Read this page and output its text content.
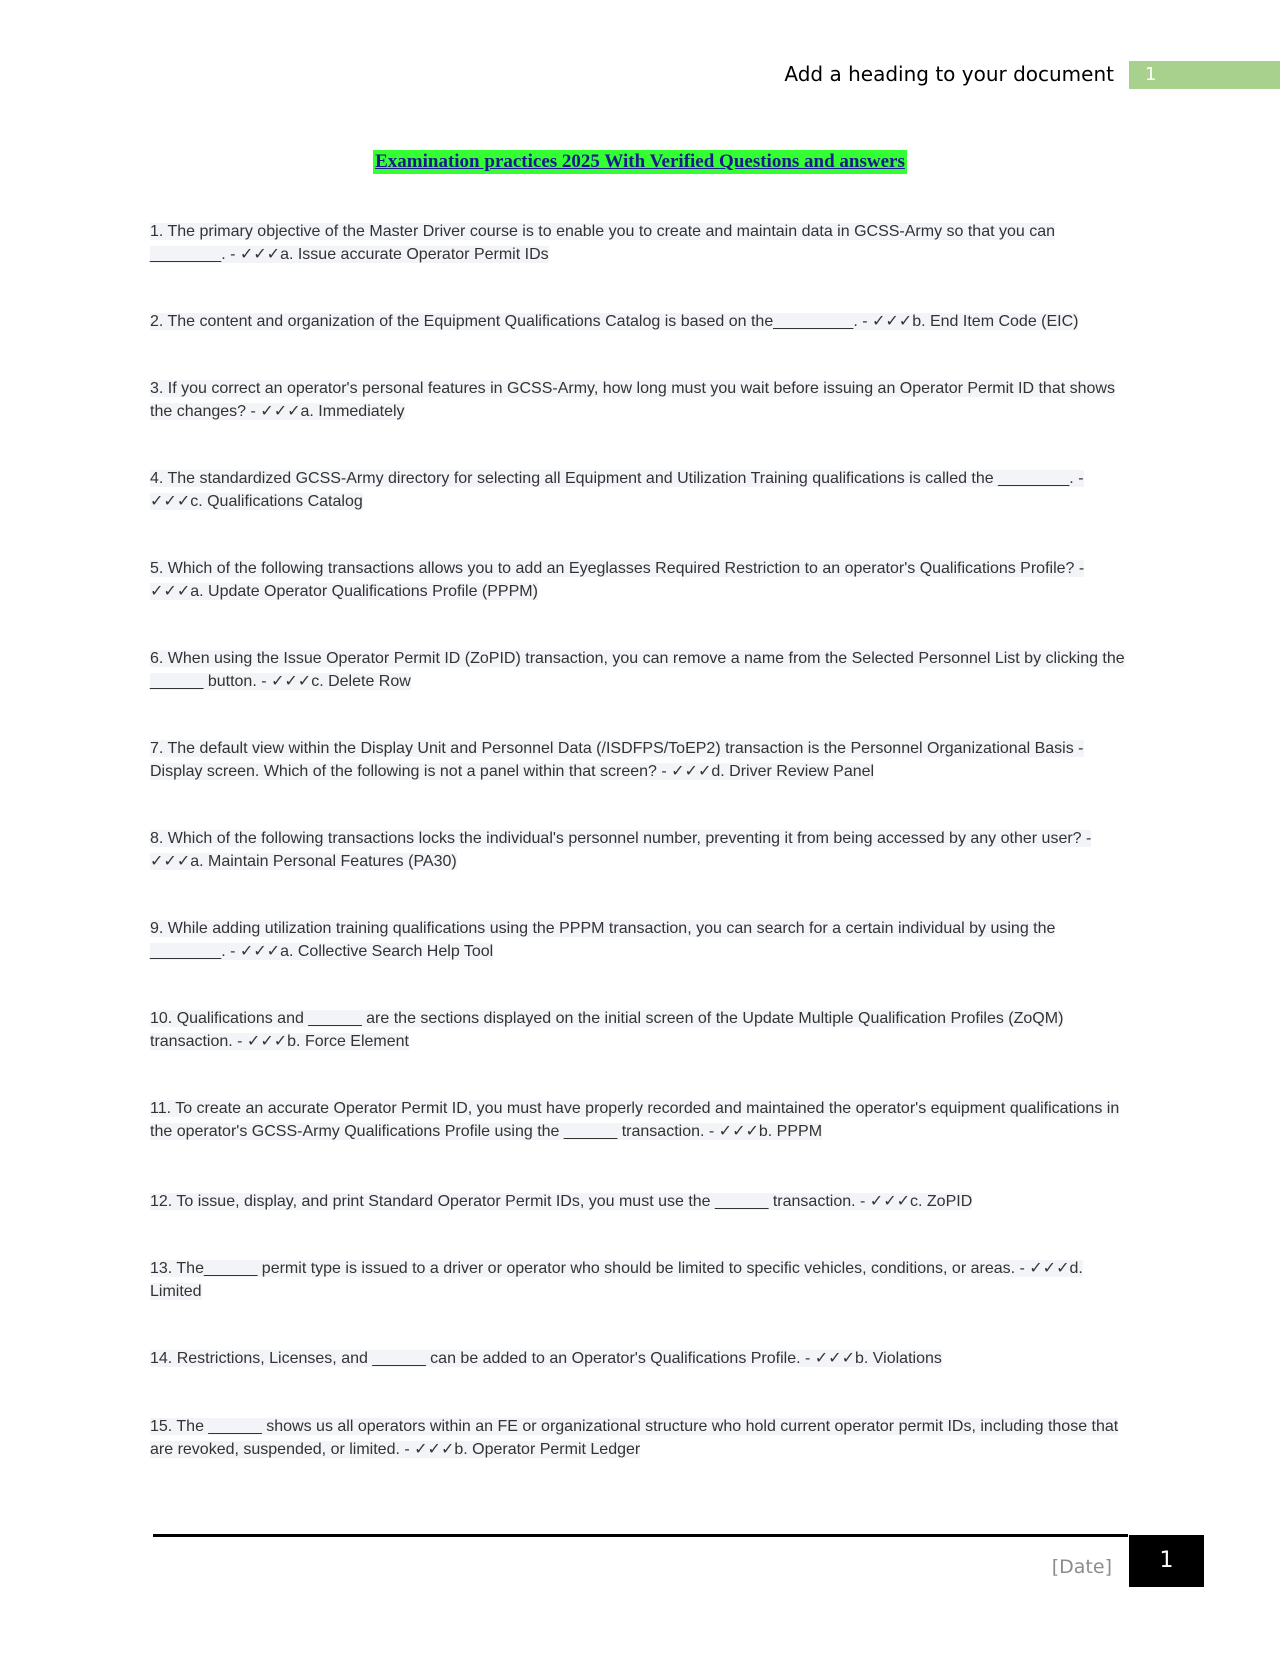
Add a heading to your document	1
Examination practices 2025 With Verified Questions and answers

1. The primary objective of the Master Driver course is to enable you to create and maintain data in GCSS-Army so that you can ________. - ✓✓✓a. Issue accurate Operator Permit IDs

2. The content and organization of the Equipment Qualifications Catalog is based on the_________. - ✓✓✓b. End Item Code (EIC)

3. If you correct an operator's personal features in GCSS-Army, how long must you wait before issuing an Operator Permit ID that shows the changes? - ✓✓✓a. Immediately

4. The standardized GCSS-Army directory for selecting all Equipment and Utilization Training qualifications is called the ________. - ✓✓✓c. Qualifications Catalog

5. Which of the following transactions allows you to add an Eyeglasses Required Restriction to an operator's Qualifications Profile? - ✓✓✓a. Update Operator Qualifications Profile (PPPM)

6. When using the Issue Operator Permit ID (ZoPID) transaction, you can remove a name from the Selected Personnel List by clicking the ______ button. - ✓✓✓c. Delete Row

7. The default view within the Display Unit and Personnel Data (/ISDFPS/ToEP2) transaction is the Personnel Organizational Basis - Display screen. Which of the following is not a panel within that screen? - ✓✓✓d. Driver Review Panel

8. Which of the following transactions locks the individual's personnel number, preventing it from being accessed by any other user? - ✓✓✓a. Maintain Personal Features (PA30)

9. While adding utilization training qualifications using the PPPM transaction, you can search for a certain individual by using the ________. - ✓✓✓a. Collective Search Help Tool

10. Qualifications and ______ are the sections displayed on the initial screen of the Update Multiple Qualification Profiles (ZoQM) transaction. - ✓✓✓b. Force Element

11. To create an accurate Operator Permit ID, you must have properly recorded and maintained the operator's equipment qualifications in the operator's GCSS-Army Qualifications Profile using the ______ transaction. - ✓✓✓b. PPPM

12. To issue, display, and print Standard Operator Permit IDs, you must use the ______ transaction. - ✓✓✓c. ZoPID

13. The______ permit type is issued to a driver or operator who should be limited to specific vehicles, conditions, or areas. - ✓✓✓d. Limited

14. Restrictions, Licenses, and ______ can be added to an Operator's Qualifications Profile. - ✓✓✓b. Violations

15. The ______ shows us all operators within an FE or organizational structure who hold current operator permit IDs, including those that are revoked, suspended, or limited. - ✓✓✓b. Operator Permit Ledger

[Date]	1
